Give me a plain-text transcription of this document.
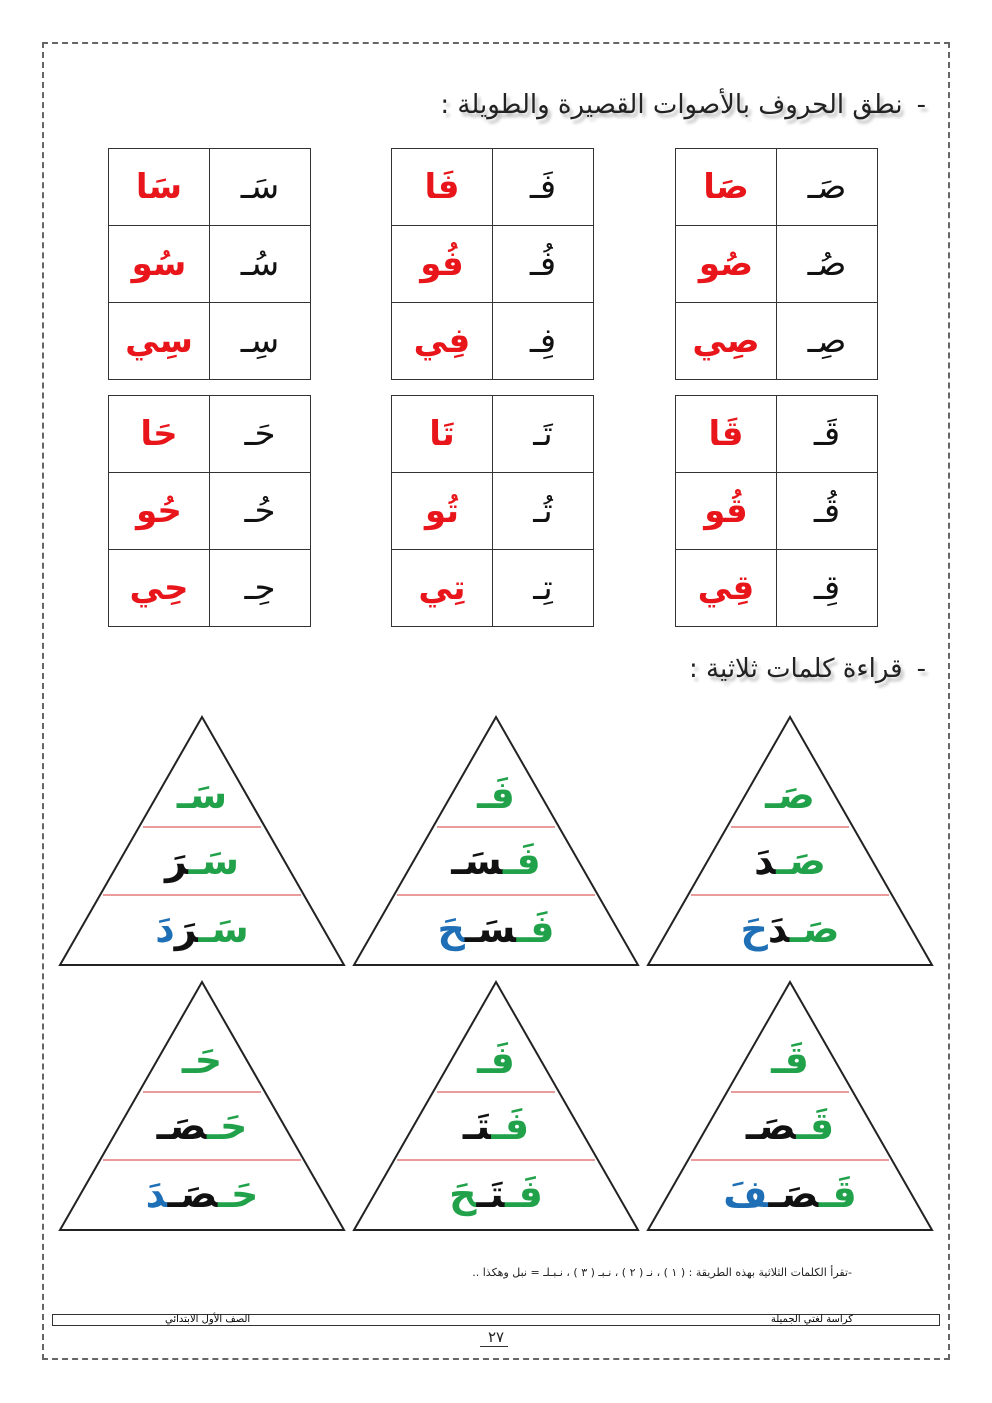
-نطق الحروف بالأصوات القصيرة والطويلة :
صَـ	صَا
صُـ	صُو
صِـ	صِي
فَـ	فَا
فُـ	فُو
فِـ	فِي
سَـ	سَا
سُـ	سُو
سِـ	سِي
قَـ	قَا
قُـ	قُو
قِـ	قِي
تَـ	تَا
تُـ	تُو
تِـ	تِي
حَـ	حَا
حُـ	حُو
حِـ	حِي
-قراءة كلمات ثلاثية :
صَـ
صَـدَ
صَـدَحَ
فَـ
فَـسَـ
فَـسَـحَ
سَـ
سَـرَ
سَـرَدَ
قَـ
قَـصَـ
قَـصَـفَ
فَـ
فَـتَـ
فَـتَـحَ
حَـ
حَـصَـ
حَـصَـدَ
-تقرأ الكلمات الثلاثية بهذه الطريقة : ( ١ ) ، نـ ( ٢ ) ، نـبـ ( ٣ ) ، نـبـلـ = نبل وهكذا ..
كراسة لغتي الجميلة
الصف الأول الابتدائي
٢٧
